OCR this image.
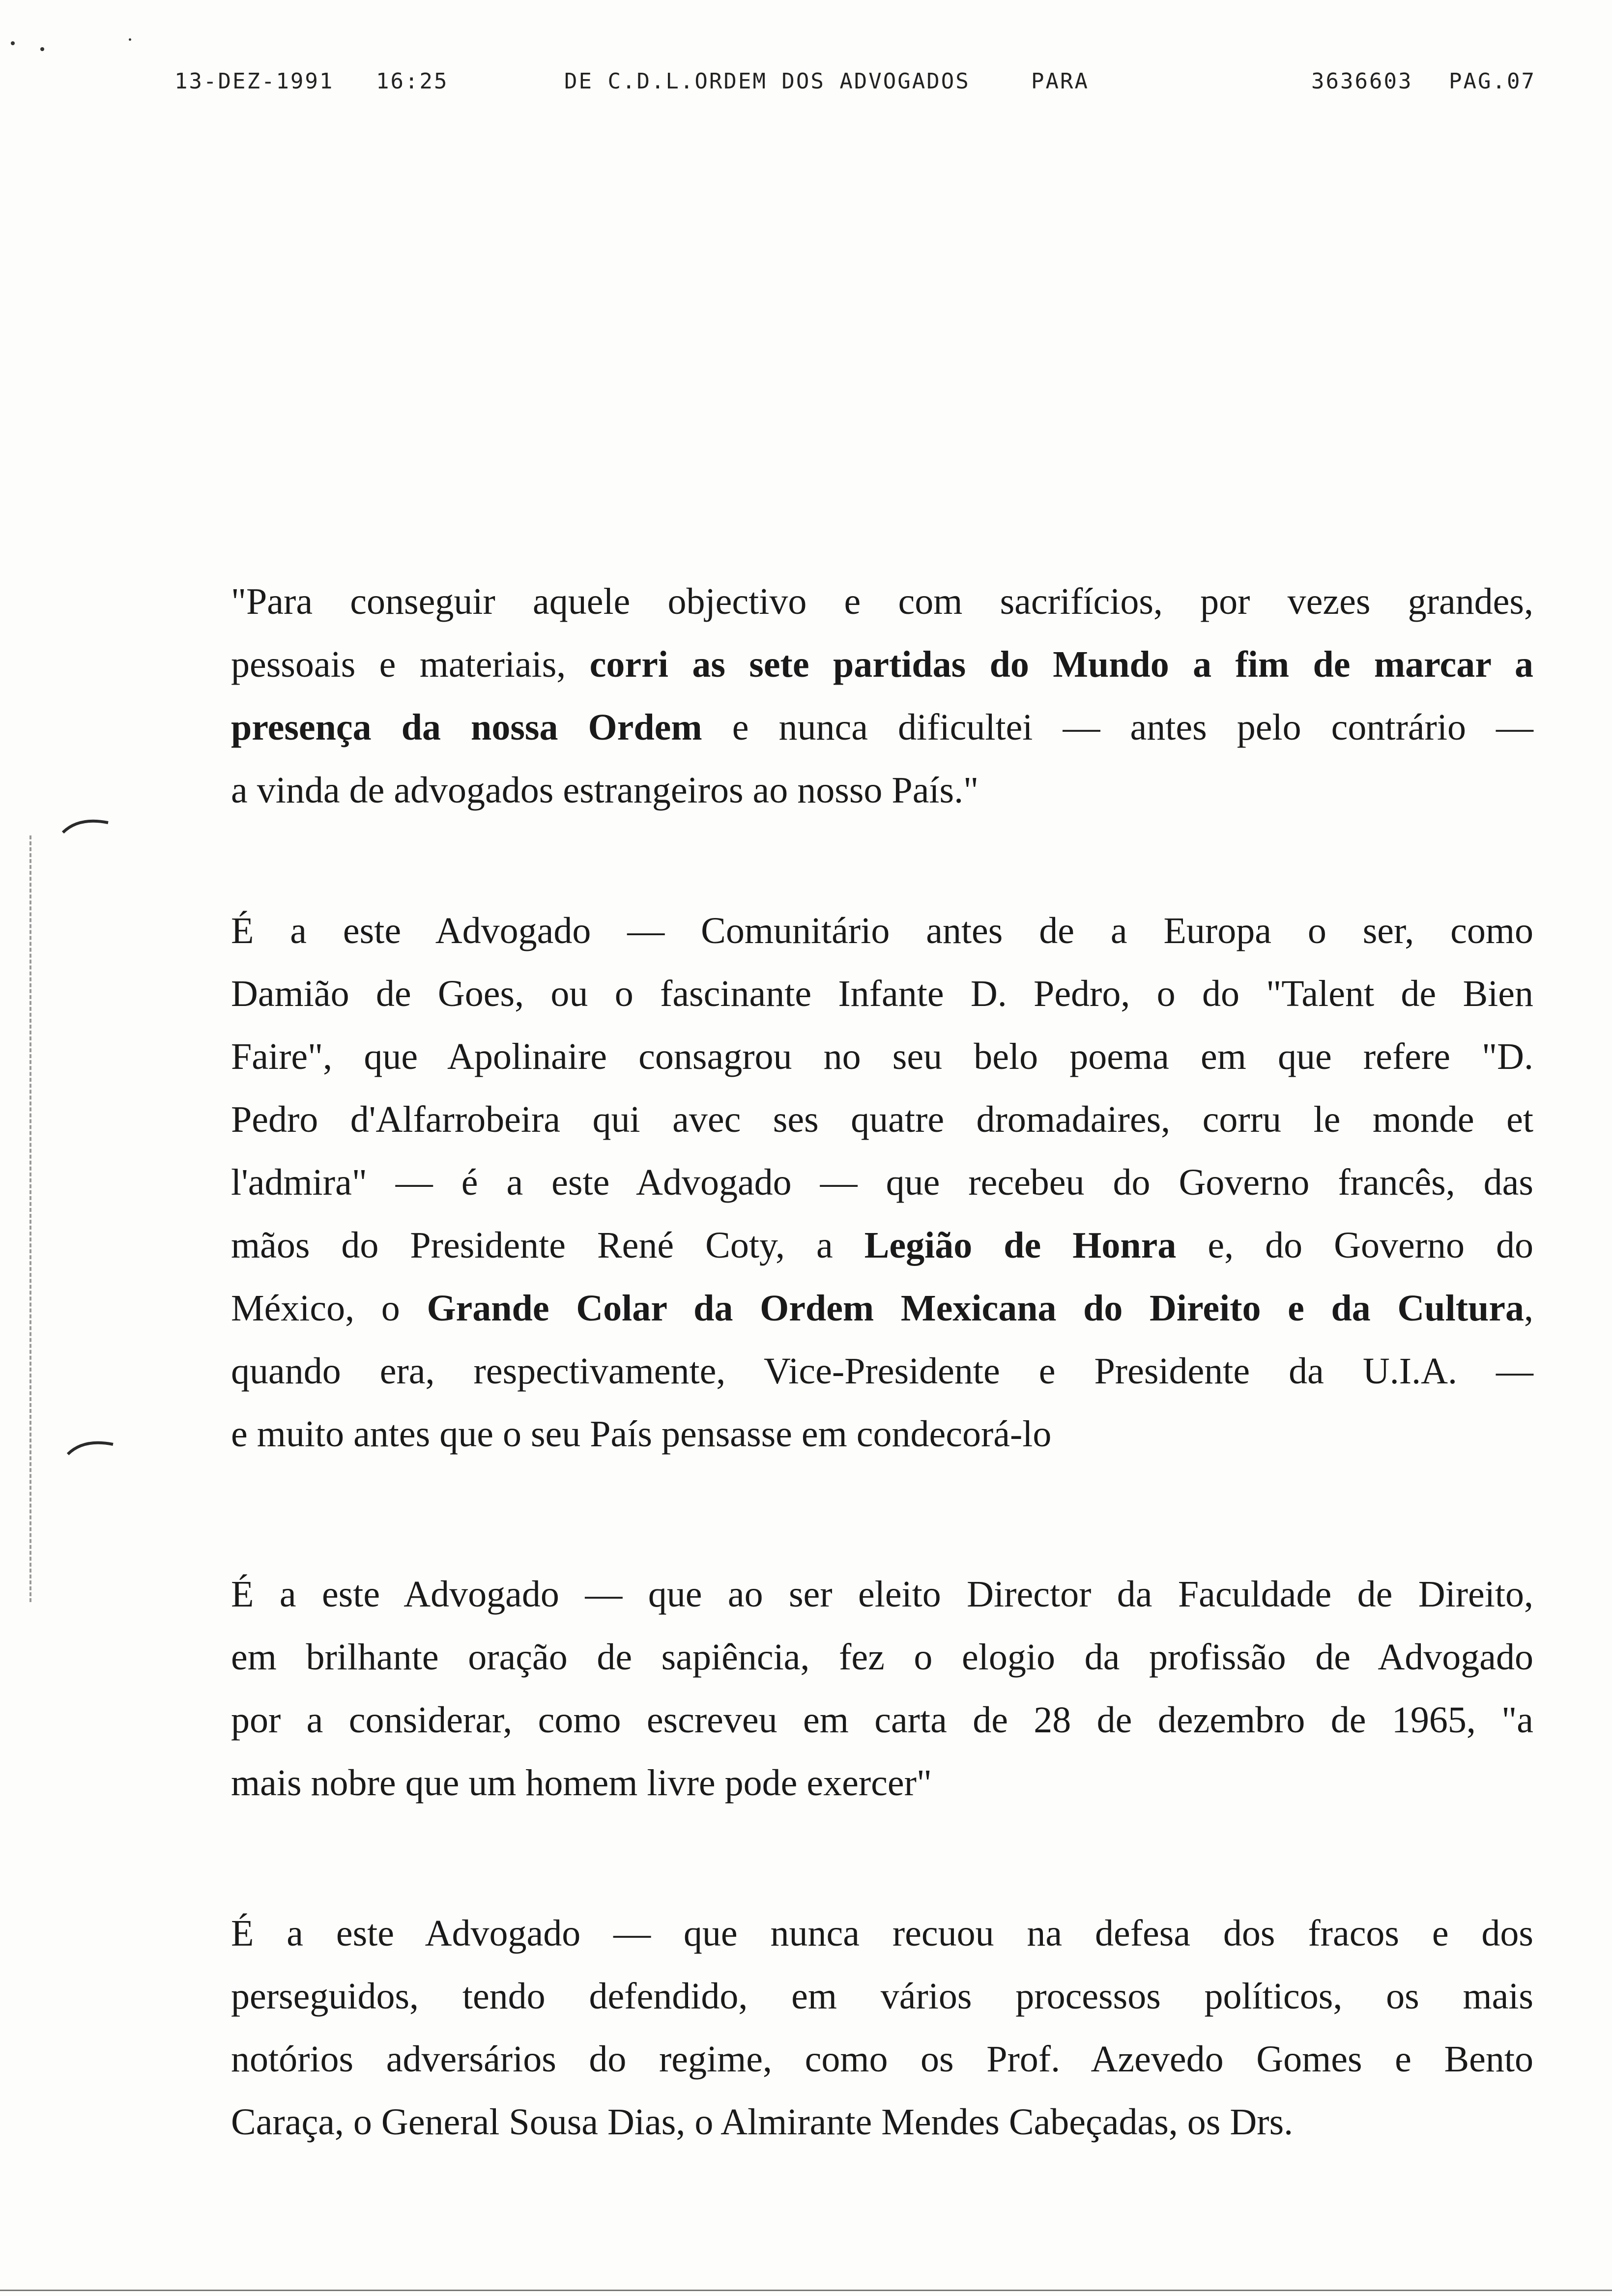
13-DEZ-1991 16:25	DE C.D.L.ORDEM DOS ADVOGADOS	PARA	3636603 PAG.07
"Para conseguir aquele objectivo e com sacrifícios, por vezes grandes,
pessoais e materiais, corri as sete partidas do Mundo a fim de marcar a
presença da nossa Ordem e nunca dificultei — antes pelo contrário —
a vinda de advogados estrangeiros ao nosso País."
É a este Advogado — Comunitário antes de a Europa o ser, como
Damião de Goes, ou o fascinante Infante D. Pedro, o do "Talent de Bien
Faire", que Apolinaire consagrou no seu belo poema em que refere "D.
Pedro d'Alfarrobeira qui avec ses quatre dromadaires, corru le monde et
l'admira" — é a este Advogado — que recebeu do Governo francês, das
mãos do Presidente René Coty, a Legião de Honra e, do Governo do
México, o Grande Colar da Ordem Mexicana do Direito e da Cultura,
quando era, respectivamente, Vice-Presidente e Presidente da U.I.A. —
e muito antes que o seu País pensasse em condecorá-lo
É a este Advogado — que ao ser eleito Director da Faculdade de Direito,
em brilhante oração de sapiência, fez o elogio da profissão de Advogado
por a considerar, como escreveu em carta de 28 de dezembro de 1965, "a
mais nobre que um homem livre pode exercer"
É a este Advogado — que nunca recuou na defesa dos fracos e dos
perseguidos, tendo defendido, em vários processos políticos, os mais
notórios adversários do regime, como os Prof. Azevedo Gomes e Bento
Caraça, o General Sousa Dias, o Almirante Mendes Cabeçadas, os Drs.
